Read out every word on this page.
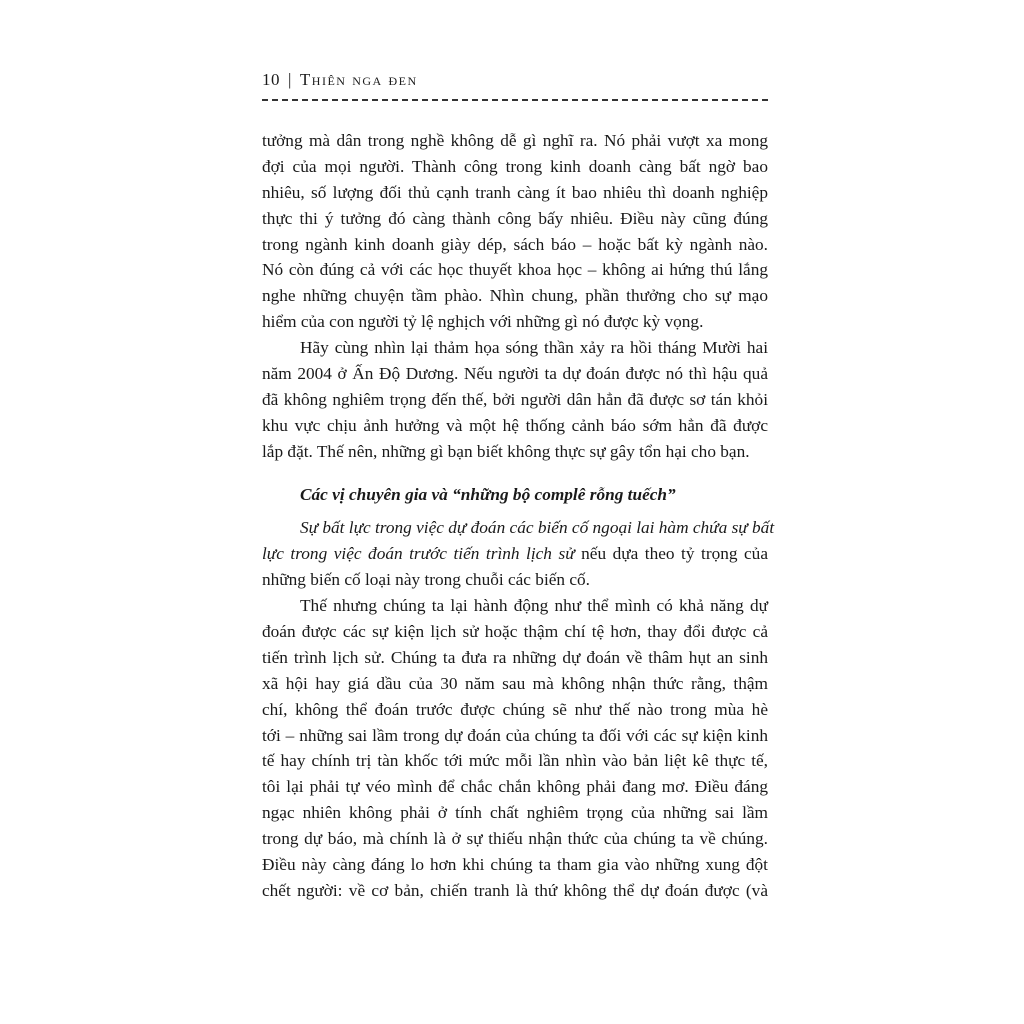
10 | Thiên nga đen
tưởng mà dân trong nghề không dễ gì nghĩ ra. Nó phải vượt xa mong
đợi của mọi người. Thành công trong kinh doanh càng bất ngờ bao
nhiêu, số lượng đối thủ cạnh tranh càng ít bao nhiêu thì doanh nghiệp
thực thi ý tưởng đó càng thành công bấy nhiêu. Điều này cũng đúng
trong ngành kinh doanh giày dép, sách báo – hoặc bất kỳ ngành nào.
Nó còn đúng cả với các học thuyết khoa học – không ai hứng thú lắng
nghe những chuyện tầm phào. Nhìn chung, phần thưởng cho sự mạo
hiểm của con người tỷ lệ nghịch với những gì nó được kỳ vọng.
Hãy cùng nhìn lại thảm họa sóng thần xảy ra hồi tháng Mười hai
năm 2004 ở Ấn Độ Dương. Nếu người ta dự đoán được nó thì hậu quả
đã không nghiêm trọng đến thế, bởi người dân hẳn đã được sơ tán khỏi
khu vực chịu ảnh hưởng và một hệ thống cảnh báo sớm hẳn đã được
lắp đặt. Thế nên, những gì bạn biết không thực sự gây tổn hại cho bạn.
Các vị chuyên gia và “những bộ complê rỗng tuếch”
Sự bất lực trong việc dự đoán các biến cố ngoại lai hàm chứa sự bất
lực trong việc đoán trước tiến trình lịch sử nếu dựa theo tỷ trọng của
những biến cố loại này trong chuỗi các biến cố.
Thế nhưng chúng ta lại hành động như thể mình có khả năng dự
đoán được các sự kiện lịch sử hoặc thậm chí tệ hơn, thay đổi được cả
tiến trình lịch sử. Chúng ta đưa ra những dự đoán về thâm hụt an sinh
xã hội hay giá dầu của 30 năm sau mà không nhận thức rằng, thậm
chí, không thể đoán trước được chúng sẽ như thế nào trong mùa hè
tới – những sai lầm trong dự đoán của chúng ta đối với các sự kiện kinh
tế hay chính trị tàn khốc tới mức mỗi lần nhìn vào bản liệt kê thực tế,
tôi lại phải tự véo mình để chắc chắn không phải đang mơ. Điều đáng
ngạc nhiên không phải ở tính chất nghiêm trọng của những sai lầm
trong dự báo, mà chính là ở sự thiếu nhận thức của chúng ta về chúng.
Điều này càng đáng lo hơn khi chúng ta tham gia vào những xung đột
chết người: về cơ bản, chiến tranh là thứ không thể dự đoán được (và
